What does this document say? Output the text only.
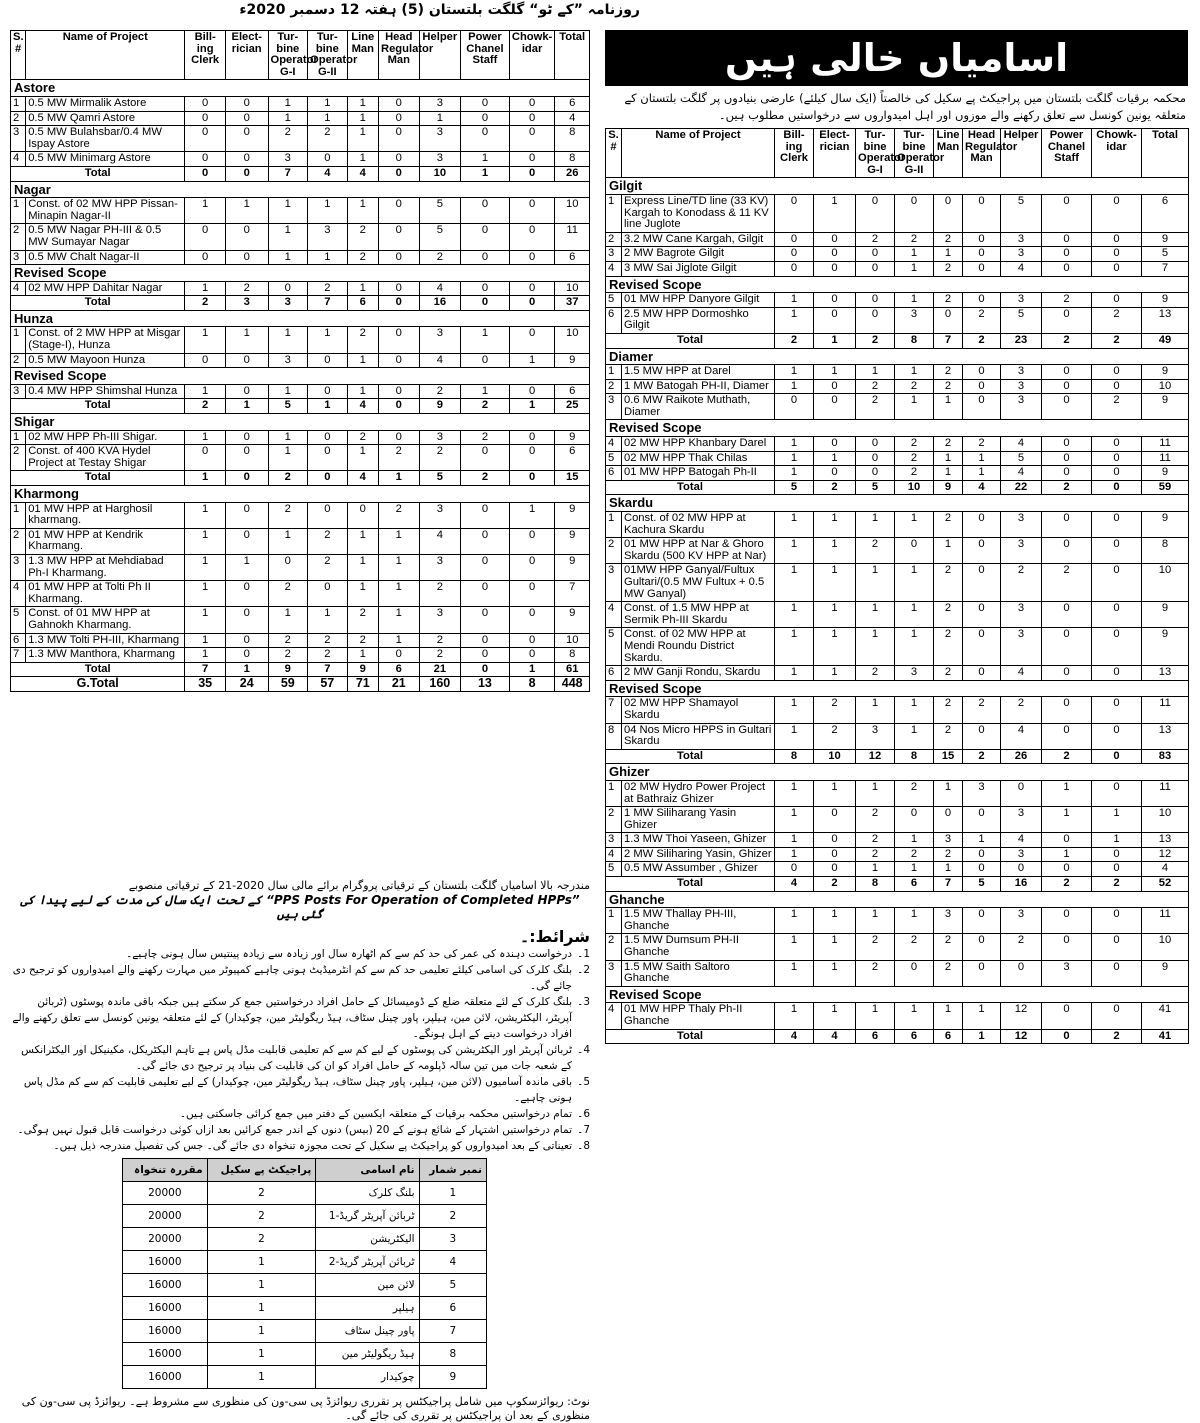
روزنامہ ”کے ٹو“ گلگت بلتستان (5) ہفتہ 12 دسمبر 2020ء
S. #	Name of Project	Bill- ing Clerk	Elect- rician	Tur- bine Operator G-I	Tur- bine Operator G-II	Line Man	Head Regulator Man	Helper	Power Chanel Staff	Chowk- idar	Total
Astore											
1	0.5 MW Mirmalik Astore	0	0	1	1	1	0	3	0	0	6
2	0.5 MW Qamri Astore	0	0	1	1	1	0	1	0	0	4
3	0.5 MW Bulahsbar/0.4 MW Ispay Astore	0	0	2	2	1	0	3	0	0	8
4	0.5 MW Minimarg Astore	0	0	3	0	1	0	3	1	0	8
Total		0	0	7	4	4	0	10	1	0	26
Nagar											
1	Const. of 02 MW HPP Pissan- Minapin Nagar-II	1	1	1	1	1	0	5	0	0	10
2	0.5 MW Nagar PH-III & 0.5 MW Sumayar Nagar	0	0	1	3	2	0	5	0	0	11
3	0.5 MW Chalt Nagar-II	0	0	1	1	2	0	2	0	0	6
Revised Scope											
4	02 MW HPP Dahitar Nagar	1	2	0	2	1	0	4	0	0	10
Total		2	3	3	7	6	0	16	0	0	37
Hunza											
1	Const. of 2 MW HPP at Misgar (Stage-I), Hunza	1	1	1	1	2	0	3	1	0	10
2	0.5 MW Mayoon Hunza	0	0	3	0	1	0	4	0	1	9
Revised Scope											
3	0.4 MW HPP Shimshal Hunza	1	0	1	0	1	0	2	1	0	6
Total		2	1	5	1	4	0	9	2	1	25
Shigar											
1	02 MW HPP Ph-III Shigar.	1	0	1	0	2	0	3	2	0	9
2	Const. of 400 KVA Hydel Project at Testay Shigar	0	0	1	0	1	2	2	0	0	6
Total		1	0	2	0	4	1	5	2	0	15
Kharmong											
1	01 MW HPP at Harghosil kharmang.	1	0	2	0	0	2	3	0	1	9
2	01 MW HPP at Kendrik Kharmang.	1	0	1	2	1	1	4	0	0	9
3	1.3 MW HPP at Mehdiabad Ph-I Kharmang.	1	1	0	2	1	1	3	0	0	9
4	01 MW HPP at Tolti Ph II Kharmang.	1	0	2	0	1	1	2	0	0	7
5	Const. of 01 MW HPP at Gahnokh Kharmang.	1	0	1	1	2	1	3	0	0	9
6	1.3 MW Tolti PH-III, Kharmang	1	0	2	2	2	1	2	0	0	10
7	1.3 MW Manthora, Kharmang	1	0	2	2	1	0	2	0	0	8
Total		7	1	9	7	9	6	21	0	1	61
G.Total		35	24	59	57	71	21	160	13	8	448
اسامیاں خالی ہیں
محکمہ برقیات گلگت بلتستان میں پراجیکٹ پے سکیل کی خالصتاً (ایک سال کیلئے) عارضی بنیادوں پر گلگت بلتستان کے متعلقہ یونین کونسل سے تعلق رکھنے والے موزوں اور اہل امیدواروں سے درخواستیں مطلوب ہیں۔
S. #	Name of Project	Bill- ing Clerk	Elect- rician	Tur- bine Operator G-I	Tur- bine Operator G-II	Line Man	Head Regulator Man	Helper	Power Chanel Staff	Chowk- idar	Total
Gilgit											
1	Express Line/TD line (33 KV) Kargah to Konodass & 11 KV line Juglote	0	1	0	0	0	0	5	0	0	6
2	3.2 MW Cane Kargah, Gilgit	0	0	2	2	2	0	3	0	0	9
3	2 MW Bagrote Gilgit	0	0	0	1	1	0	3	0	0	5
4	3 MW Sai Jiglote Gilgit	0	0	0	1	2	0	4	0	0	7
Revised Scope											
5	01 MW HPP Danyore Gilgit	1	0	0	1	2	0	3	2	0	9
6	2.5 MW HPP Dormoshko Gilgit	1	0	0	3	0	2	5	0	2	13
Total		2	1	2	8	7	2	23	2	2	49
Diamer											
1	1.5 MW HPP at Darel	1	1	1	1	2	0	3	0	0	9
2	1 MW Batogah PH-II, Diamer	1	0	2	2	2	0	3	0	0	10
3	0.6 MW Raikote Muthath, Diamer	0	0	2	1	1	0	3	0	2	9
Revised Scope											
4	02 MW HPP Khanbary Darel	1	0	0	2	2	2	4	0	0	11
5	02 MW HPP Thak Chilas	1	1	0	2	1	1	5	0	0	11
6	01 MW HPP Batogah Ph-II	1	0	0	2	1	1	4	0	0	9
Total		5	2	5	10	9	4	22	2	0	59
Skardu											
1	Const. of 02 MW HPP at Kachura Skardu	1	1	1	1	2	0	3	0	0	9
2	01 MW HPP at Nar & Ghoro Skardu (500 KV HPP at Nar)	1	1	2	0	1	0	3	0	0	8
3	01MW HPP Ganyal/Fultux Gultari/(0.5 MW Fultux + 0.5 MW Ganyal)	1	1	1	1	2	0	2	2	0	10
4	Const. of 1.5 MW HPP at Sermik Ph-III Skardu	1	1	1	1	2	0	3	0	0	9
5	Const. of 02 MW HPP at Mendi Roundu District Skardu.	1	1	1	1	2	0	3	0	0	9
6	2 MW Ganji Rondu, Skardu	1	1	2	3	2	0	4	0	0	13
Revised Scope											
7	02 MW HPP Shamayol Skardu	1	2	1	1	2	2	2	0	0	11
8	04 Nos Micro HPPS in Gultari Skardu	1	2	3	1	2	0	4	0	0	13
Total		8	10	12	8	15	2	26	2	0	83
Ghizer											
1	02 MW Hydro Power Project at Bathraiz Ghizer	1	1	1	2	1	3	0	1	0	11
2	1 MW Siliharang Yasin Ghizer	1	0	2	0	0	0	3	1	1	10
3	1.3 MW Thoi Yaseen, Ghizer	1	0	2	1	3	1	4	0	1	13
4	2 MW Siliharing Yasin, Ghizer	1	0	2	2	2	0	3	1	0	12
5	0.5 MW Assumber , Ghizer	0	0	1	1	1	0	0	0	0	4
Total		4	2	8	6	7	5	16	2	2	52
Ghanche											
1	1.5 MW Thallay PH-III, Ghanche	1	1	1	1	3	0	3	0	0	11
2	1.5 MW Dumsum PH-II Ghanche	1	1	2	2	2	0	2	0	0	10
3	1.5 MW Saith Saltoro Ghanche	1	1	2	0	2	0	0	3	0	9
Revised Scope											
4	01 MW HPP Thaly Ph-II Ghanche	1	1	1	1	1	1	12	0	0	41
Total		4	4	6	6	6	1	12	0	2	41
مندرجہ بالا اسامیاں گلگت بلتستان کے ترقیاتی پروگرام برائے مالی سال 2020-21 کے ترقیاتی منصوبے
”PPS Posts For Operation of Completed HPPs“ کے تحت ایک سال کی مدت کے لیے پیدا کی گئی ہیں
شرائط:۔
1۔
درخواست دہندہ کی عمر کی حد کم سے کم اٹھارہ سال اور زیادہ سے زیادہ پینتیس سال ہونی چاہیے۔
2۔
بلنگ کلرک کی اسامی کیلئے تعلیمی حد کم سے کم انٹرمیڈیٹ ہونی چاہیے کمپیوٹر میں مہارت رکھنے والے امیدواروں کو ترجیح دی جائے گی۔
3۔
بلنگ کلرک کے لئے متعلقہ ضلع کے ڈومیسائل کے حامل افراد درخواستیں جمع کر سکتے ہیں جبکہ باقی ماندہ پوسٹوں (ٹربائن آپریٹر، الیکٹریشن، لائن مین، ہیلپر، پاور چینل سٹاف، ہیڈ ریگولیٹر مین، چوکیدار) کے لئے متعلقہ یونین کونسل سے تعلق رکھنے والے افراد درخواست دینے کے اہل ہونگے۔
4۔
ٹربائن آپریٹر اور الیکٹریشن کی پوسٹوں کے لیے کم سے کم تعلیمی قابلیت مڈل پاس ہے تاہم الیکٹریکل، مکینیکل اور الیکٹرانکس کے شعبہ جات میں تین سالہ ڈپلومہ کے حامل افراد کو ان کی قابلیت کی بنیاد پر ترجیح دی جائے گی۔
5۔
باقی ماندہ آسامیوں (لائن مین، ہیلپر، پاور چینل سٹاف، ہیڈ ریگولیٹر مین، چوکیدار) کے لیے تعلیمی قابلیت کم سے کم مڈل پاس ہونی چاہیے۔
6۔
تمام درخواستیں محکمہ برقیات کے متعلقہ ایکسین کے دفتر میں جمع کرائی جاسکتی ہیں۔
7۔
تمام درخواستیں اشتہار کے شائع ہونے کے 20 (بیس) دنوں کے اندر جمع کرائیں بعد ازاں کوئی درخواست قابل قبول نہیں ہوگی۔
8۔
تعیناتی کے بعد امیدواروں کو پراجیکٹ پے سکیل کے تحت مجوزہ تنخواہ دی جائے گی۔ جس کی تفصیل مندرجہ ذیل ہیں۔
نمبر شمار	نام اسامی	پراجیکٹ پے سکیل	مقررہ تنخواہ
1	بلنگ کلرک	2	20000
2	ٹربائن آپریٹر گریڈ-1	2	20000
3	الیکٹریشن	2	20000
4	ٹربائن آپریٹر گریڈ-2	1	16000
5	لائن مین	1	16000
6	ہیلپر	1	16000
7	پاور چینل سٹاف	1	16000
8	ہیڈ ریگولیٹر مین	1	16000
9	چوکیدار	1	16000
نوٹ: ریوائزسکوپ میں شامل پراجیکٹس پر تقرری ریوائزڈ پی سی-ون کی منظوری سے مشروط ہے۔ ریوائزڈ پی سی-ون کی منظوری کے بعد ان پراجیکٹس پر تقرری کی جائے گی۔
